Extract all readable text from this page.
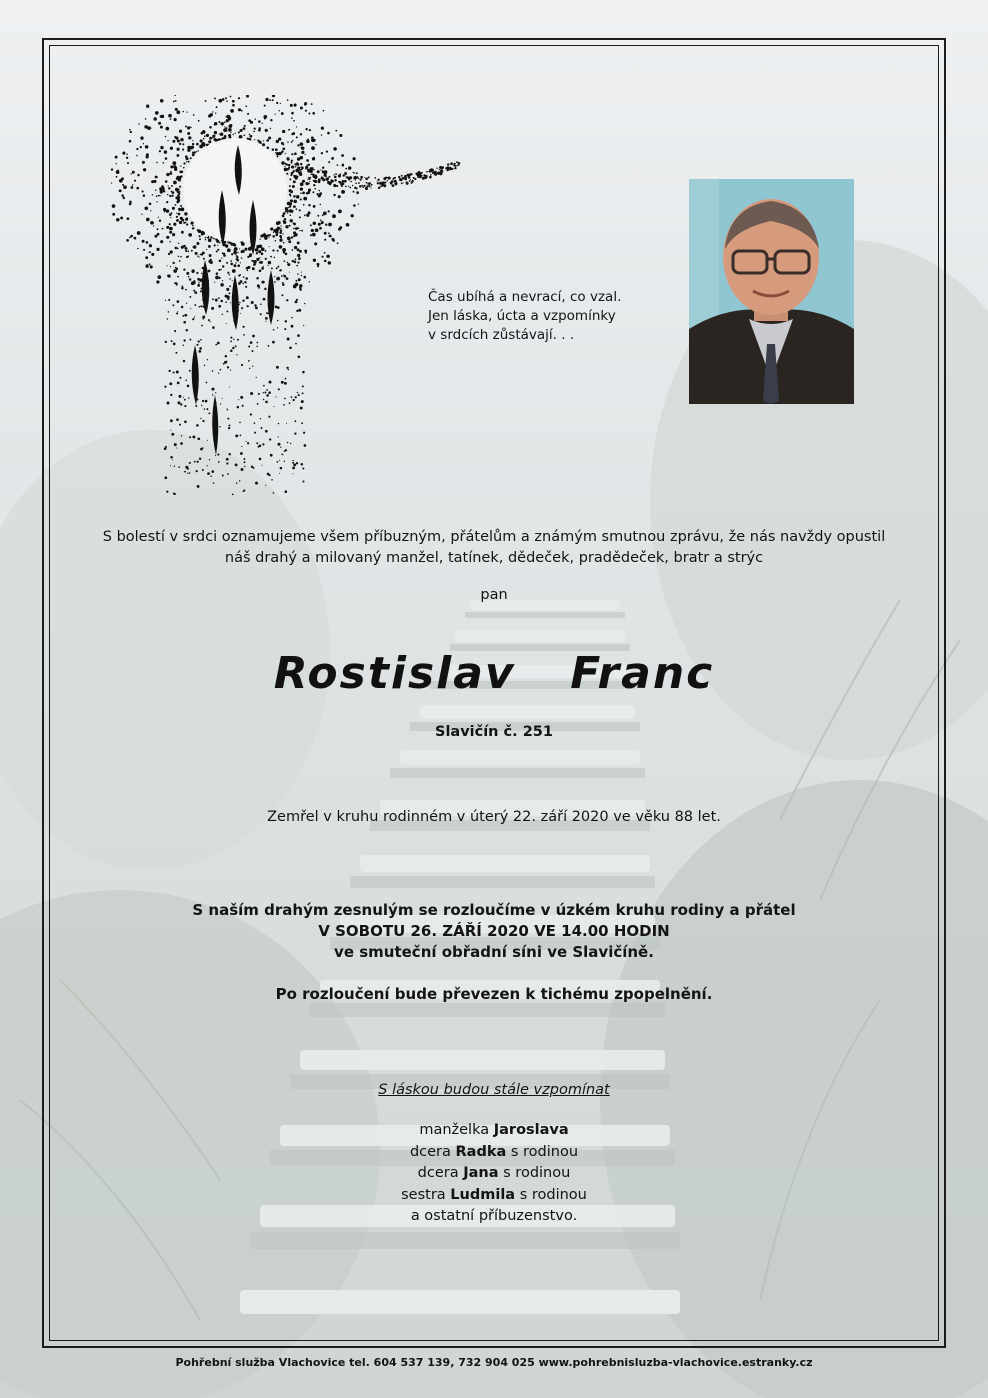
Čas ubíhá a nevrací, co vzal.
Jen láska, úcta a vzpomínky
v srdcích zůstávají. . .
S bolestí v srdci oznamujeme všem příbuzným, přátelům a známým smutnou zprávu, že nás navždy opustil
náš drahý a milovaný manžel, tatínek, dědeček, pradědeček, bratr a strýc
pan
Rostislav  Franc
Slavičín č. 251
Zemřel v kruhu rodinném v úterý 22. září 2020 ve věku 88 let.
S naším drahým zesnulým se rozloučíme v úzkém kruhu rodiny a přátel
V SOBOTU 26. ZÁŘÍ 2020 VE 14.00 HODIN
ve smuteční obřadní síni ve Slavičíně.
Po rozloučení bude převezen k tichému zpopelnění.
S láskou budou stále vzpomínat
manželka Jaroslava
dcera Radka s rodinou
dcera Jana s rodinou
sestra Ludmila s rodinou
a ostatní příbuzenstvo.
Pohřební služba Vlachovice tel. 604 537 139, 732 904 025 www.pohrebnisluzba-vlachovice.estranky.cz
